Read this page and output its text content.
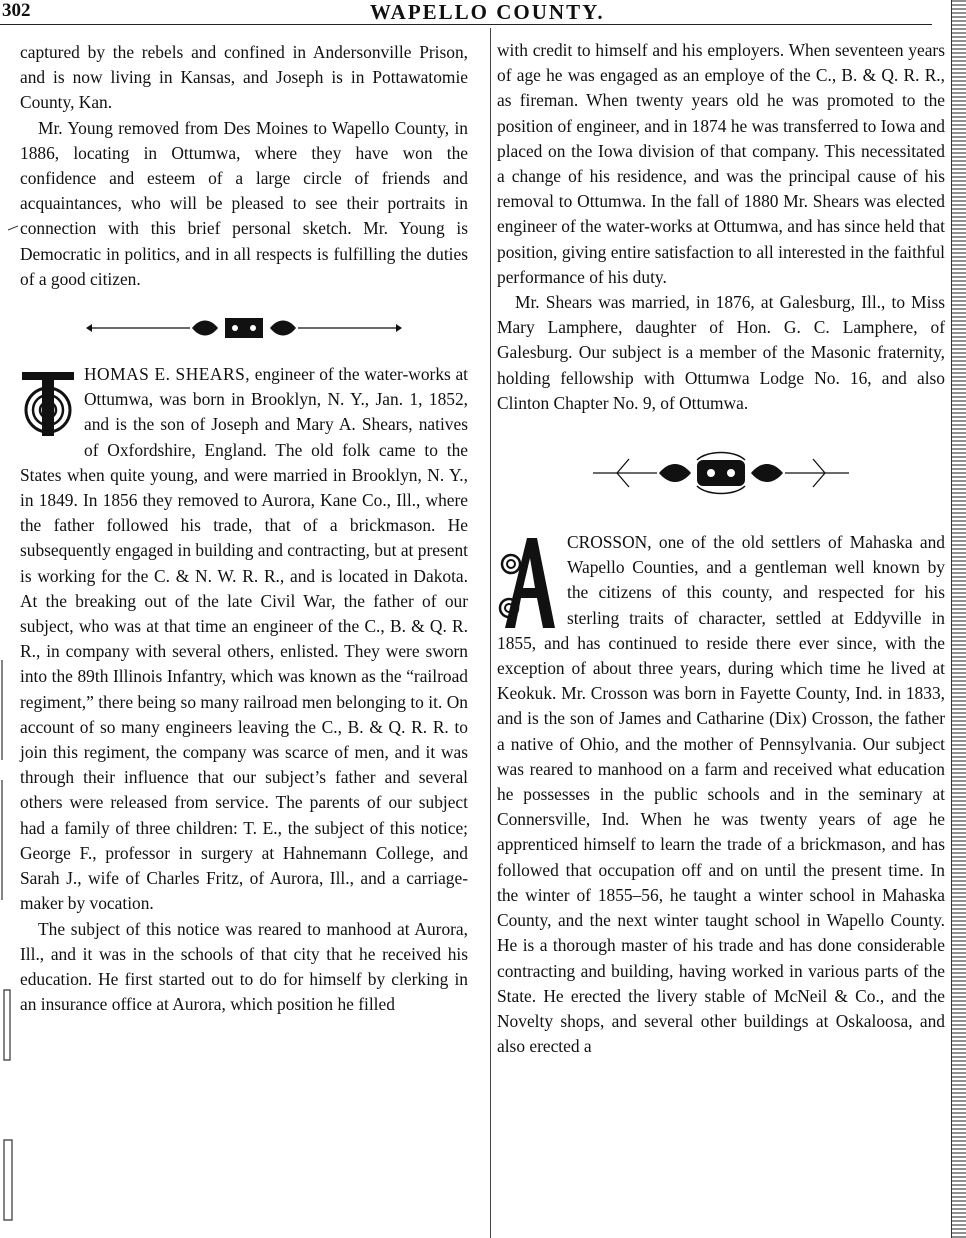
302	WAPELLO COUNTY.

captured by the rebels and confined in Andersonville Prison, and is now living in Kansas, and Joseph is in Pottawatomie County, Kan.

Mr. Young removed from Des Moines to Wapello County, in 1886, locating in Ottumwa, where they have won the confidence and esteem of a large circle of friends and acquaintances, who will be pleased to see their portraits in connection with this brief personal sketch. Mr. Young is Democratic in politics, and in all respects is fulfilling the duties of a good citizen.

HOMAS E. SHEARS, engineer of the water-works at Ottumwa, was born in Brooklyn, N. Y., Jan. 1, 1852, and is the son of Joseph and Mary A. Shears, natives of Oxfordshire, England. The old folk came to the States when quite young, and were married in Brooklyn, N. Y., in 1849. In 1856 they removed to Aurora, Kane Co., Ill., where the father followed his trade, that of a brickmason. He subsequently engaged in building and contracting, but at present is working for the C. & N. W. R. R., and is located in Dakota. At the breaking out of the late Civil War, the father of our subject, who was at that time an engineer of the C., B. & Q. R. R., in company with several others, enlisted. They were sworn into the 89th Illinois Infantry, which was known as the “railroad regiment,” there being so many railroad men belonging to it. On account of so many engineers leaving the C., B. & Q. R. R. to join this regiment, the company was scarce of men, and it was through their influence that our subject’s father and several others were released from service. The parents of our subject had a family of three children: T. E., the subject of this notice; George F., professor in surgery at Hahnemann College, and Sarah J., wife of Charles Fritz, of Aurora, Ill., and a carriage-maker by vocation.

The subject of this notice was reared to manhood at Aurora, Ill., and it was in the schools of that city that he received his education. He first started out to do for himself by clerking in an insurance office at Aurora, which position he filled

with credit to himself and his employers. When seventeen years of age he was engaged as an employe of the C., B. & Q. R. R., as fireman. When twenty years old he was promoted to the position of engineer, and in 1874 he was transferred to Iowa and placed on the Iowa division of that company. This necessitated a change of his residence, and was the principal cause of his removal to Ottumwa. In the fall of 1880 Mr. Shears was elected engineer of the water-works at Ottumwa, and has since held that position, giving entire satisfaction to all interested in the faithful performance of his duty.

Mr. Shears was married, in 1876, at Galesburg, Ill., to Miss Mary Lamphere, daughter of Hon. G. C. Lamphere, of Galesburg. Our subject is a member of the Masonic fraternity, holding fellowship with Ottumwa Lodge No. 16, and also Clinton Chapter No. 9, of Ottumwa.

CROSSON, one of the old settlers of Mahaska and Wapello Counties, and a gentleman well known by the citizens of this county, and respected for his sterling traits of character, settled at Eddyville in 1855, and has continued to reside there ever since, with the exception of about three years, during which time he lived at Keokuk. Mr. Crosson was born in Fayette County, Ind. in 1833, and is the son of James and Catharine (Dix) Crosson, the father a native of Ohio, and the mother of Pennsylvania. Our subject was reared to manhood on a farm and received what education he possesses in the public schools and in the seminary at Connersville, Ind. When he was twenty years of age he apprenticed himself to learn the trade of a brickmason, and has followed that occupation off and on until the present time. In the winter of 1855–56, he taught a winter school in Mahaska County, and the next winter taught school in Wapello County. He is a thorough master of his trade and has done considerable contracting and building, having worked in various parts of the State. He erected the livery stable of McNeil & Co., and the Novelty shops, and several other buildings at Oskaloosa, and also erected a
